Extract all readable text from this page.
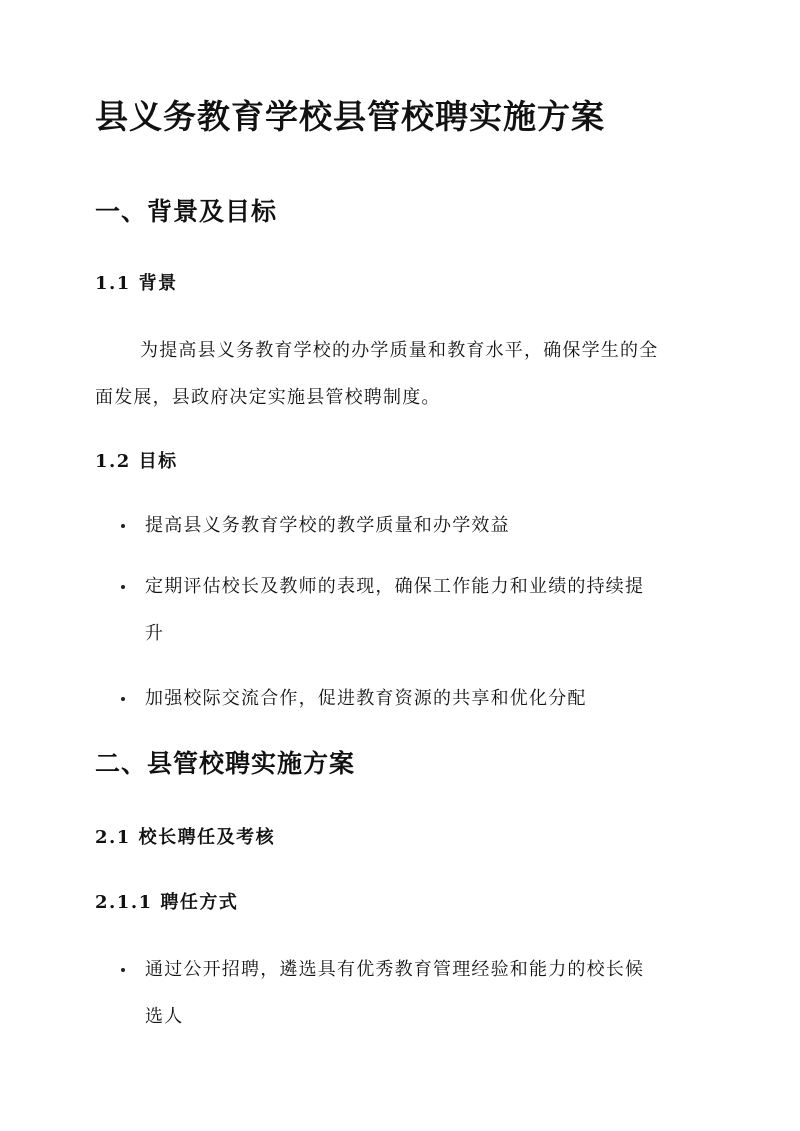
县义务教育学校县管校聘实施方案
一、背景及目标
1.1 背景

为提高县义务教育学校的办学质量和教育水平，确保学生的全

面发展，县政府决定实施县管校聘制度。

1.2 目标

提高县义务教育学校的教学质量和办学效益

定期评估校长及教师的表现，确保工作能力和业绩的持续提

升

加强校际交流合作，促进教育资源的共享和优化分配

二、县管校聘实施方案
2.1 校长聘任及考核
2.1.1 聘任方式

通过公开招聘，遴选具有优秀教育管理经验和能力的校长候

选人
